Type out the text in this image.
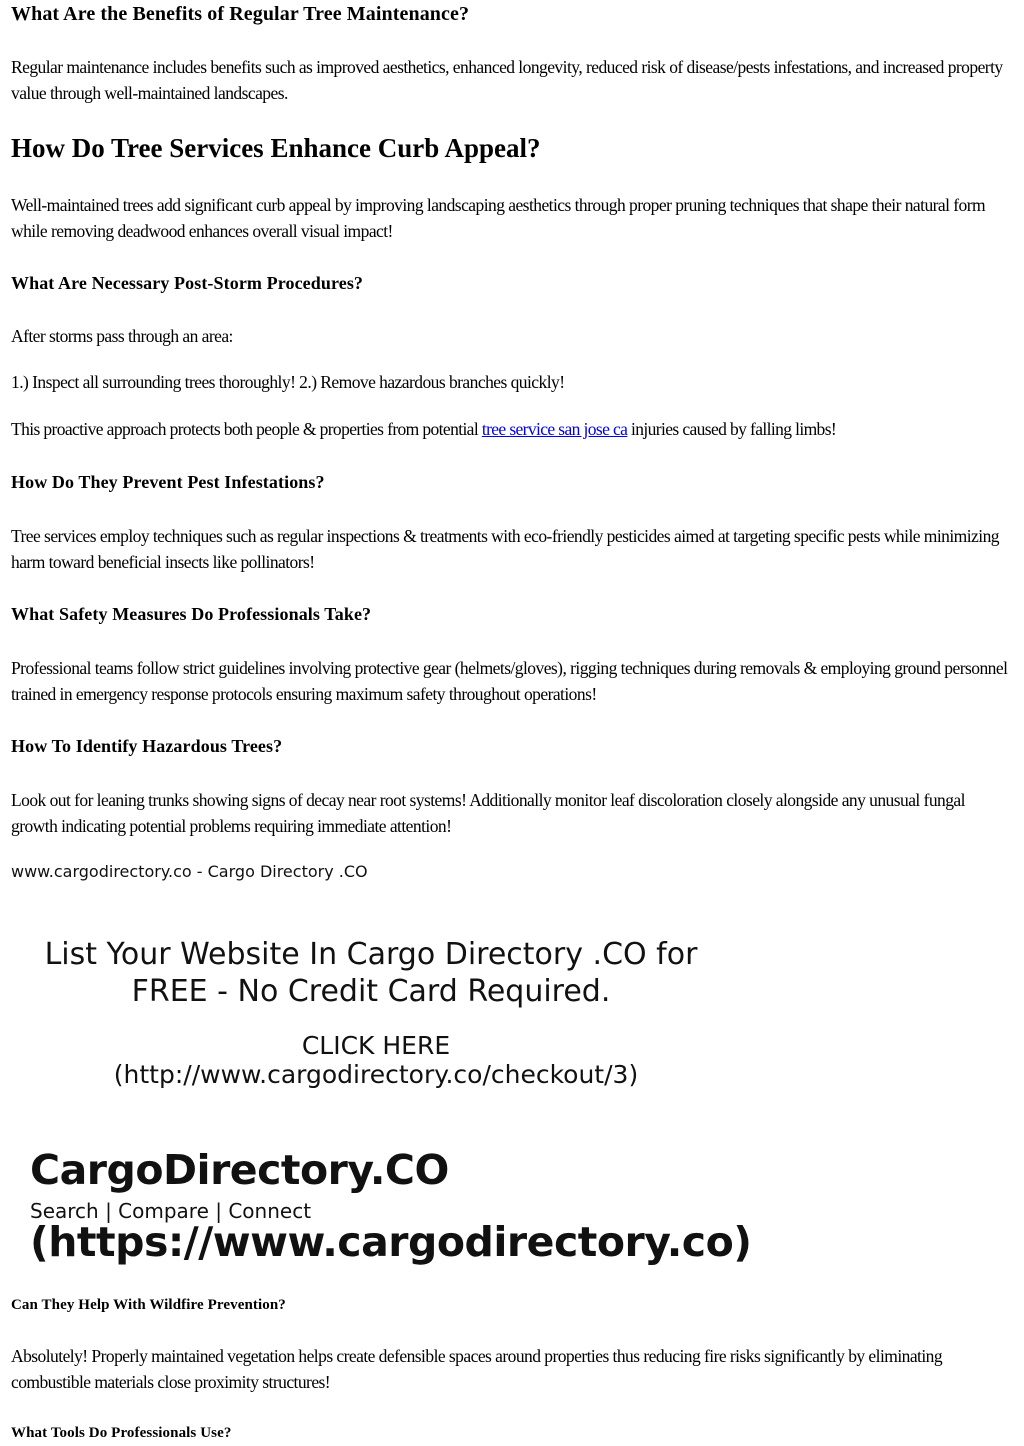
What Are the Benefits of Regular Tree Maintenance?

Regular maintenance includes benefits such as improved aesthetics, enhanced longevity, reduced risk of disease/pests infestations, and increased property value through well-maintained landscapes.

How Do Tree Services Enhance Curb Appeal?

Well-maintained trees add significant curb appeal by improving landscaping aesthetics through proper pruning techniques that shape their natural form while removing deadwood enhances overall visual impact!

What Are Necessary Post-Storm Procedures?

After storms pass through an area:

1.) Inspect all surrounding trees thoroughly! 2.) Remove hazardous branches quickly!

This proactive approach protects both people & properties from potential tree service san jose ca injuries caused by falling limbs!

How Do They Prevent Pest Infestations?

Tree services employ techniques such as regular inspections & treatments with eco-friendly pesticides aimed at targeting specific pests while minimizing harm toward beneficial insects like pollinators!

What Safety Measures Do Professionals Take?

Professional teams follow strict guidelines involving protective gear (helmets/gloves), rigging techniques during removals & employing ground personnel trained in emergency response protocols ensuring maximum safety throughout operations!

How To Identify Hazardous Trees?

Look out for leaning trunks showing signs of decay near root systems! Additionally monitor leaf discoloration closely alongside any unusual fungal growth indicating potential problems requiring immediate attention!

www.cargodirectory.co - Cargo Directory .CO
List Your Website In Cargo Directory .CO for
FREE - No Credit Card Required.
CLICK HERE
(http://www.cargodirectory.co/checkout/3)
CargoDirectory.CO
Search | Compare | Connect
(https://www.cargodirectory.co)
Can They Help With Wildfire Prevention?

Absolutely! Properly maintained vegetation helps create defensible spaces around properties thus reducing fire risks significantly by eliminating combustible materials close proximity structures!

What Tools Do Professionals Use?
